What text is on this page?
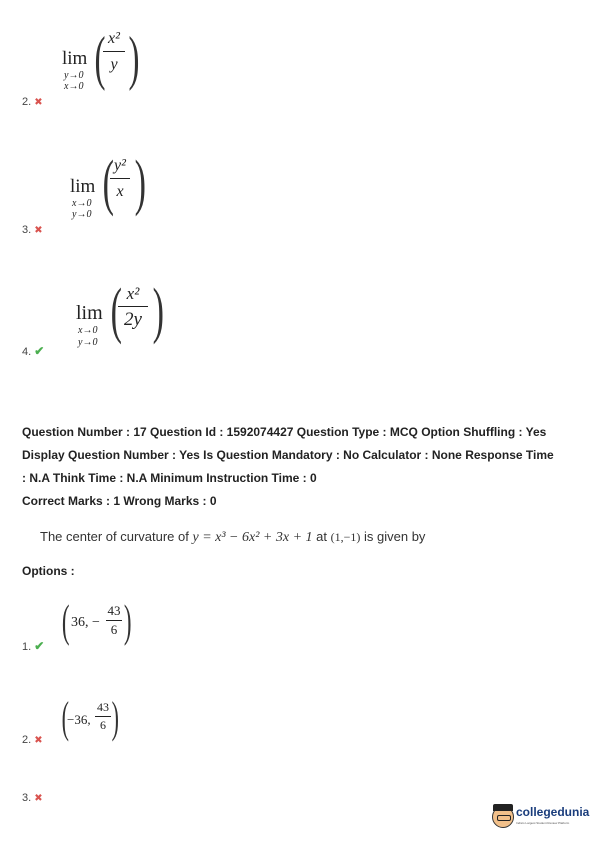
lim
y→0
x→0 ( x²
y )
2. ✖
lim
x→0
y→0 ( y²
x )
3. ✖
lim
x→0
y→0 ( x²
2y )
4. ✔
Question Number : 17 Question Id : 1592074427 Question Type : MCQ Option Shuffling : Yes
Display Question Number : Yes Is Question Mandatory : No Calculator : None Response Time
: N.A Think Time : N.A Minimum Instruction Time : 0
Correct Marks : 1 Wrong Marks : 0
The center of curvature of y = x³ − 6x² + 3x + 1 at (1,−1) is given by
Options :
( 36, −
43
6 )
1. ✔
(
−36,
43
6 )
2. ✖
3. ✖
collegedunia
India's Largest Student Review Platform
